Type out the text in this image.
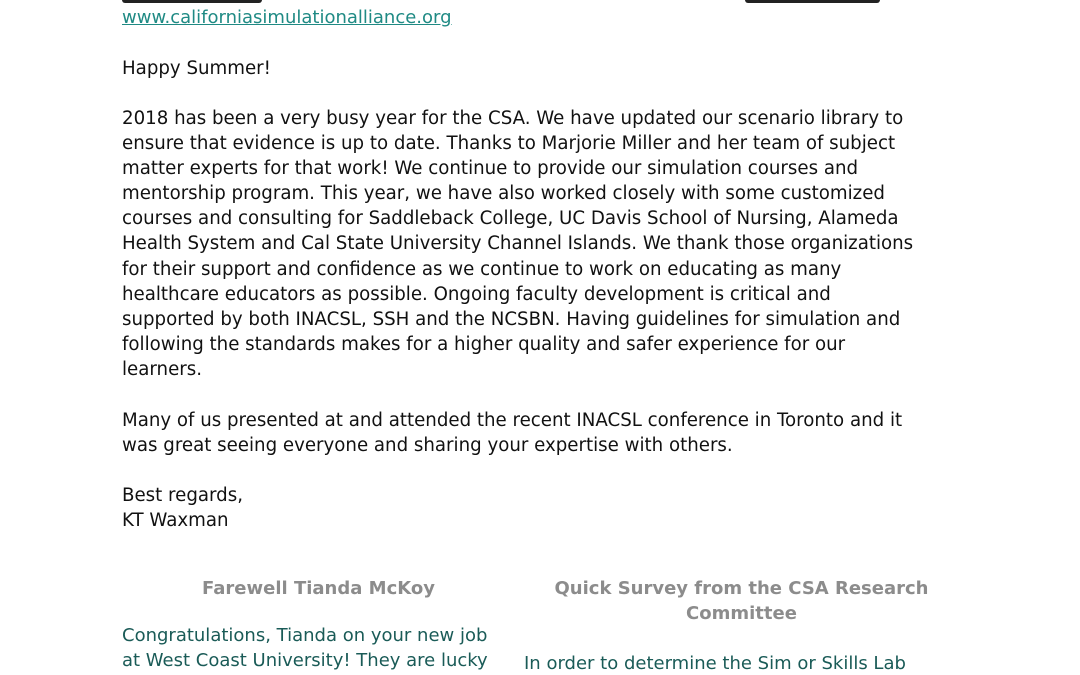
www.californiasimulationalliance.org
Happy Summer!
2018 has been a very busy year for the CSA. We have updated our scenario library to
ensure that evidence is up to date. Thanks to Marjorie Miller and her team of subject
matter experts for that work! We continue to provide our simulation courses and
mentorship program. This year, we have also worked closely with some customized
courses and consulting for Saddleback College, UC Davis School of Nursing, Alameda
Health System and Cal State University Channel Islands. We thank those organizations
for their support and confidence as we continue to work on educating as many
healthcare educators as possible. Ongoing faculty development is critical and
supported by both INACSL, SSH and the NCSBN. Having guidelines for simulation and
following the standards makes for a higher quality and safer experience for our
learners.
Many of us presented at and attended the recent INACSL conference in Toronto and it
was great seeing everyone and sharing your expertise with others.
Best regards,
KT Waxman
Farewell Tianda McKoy
Congratulations, Tianda on your new job
at West Coast University! They are lucky
Quick Survey from the CSA Research
Committee
In order to determine the Sim or Skills Lab
